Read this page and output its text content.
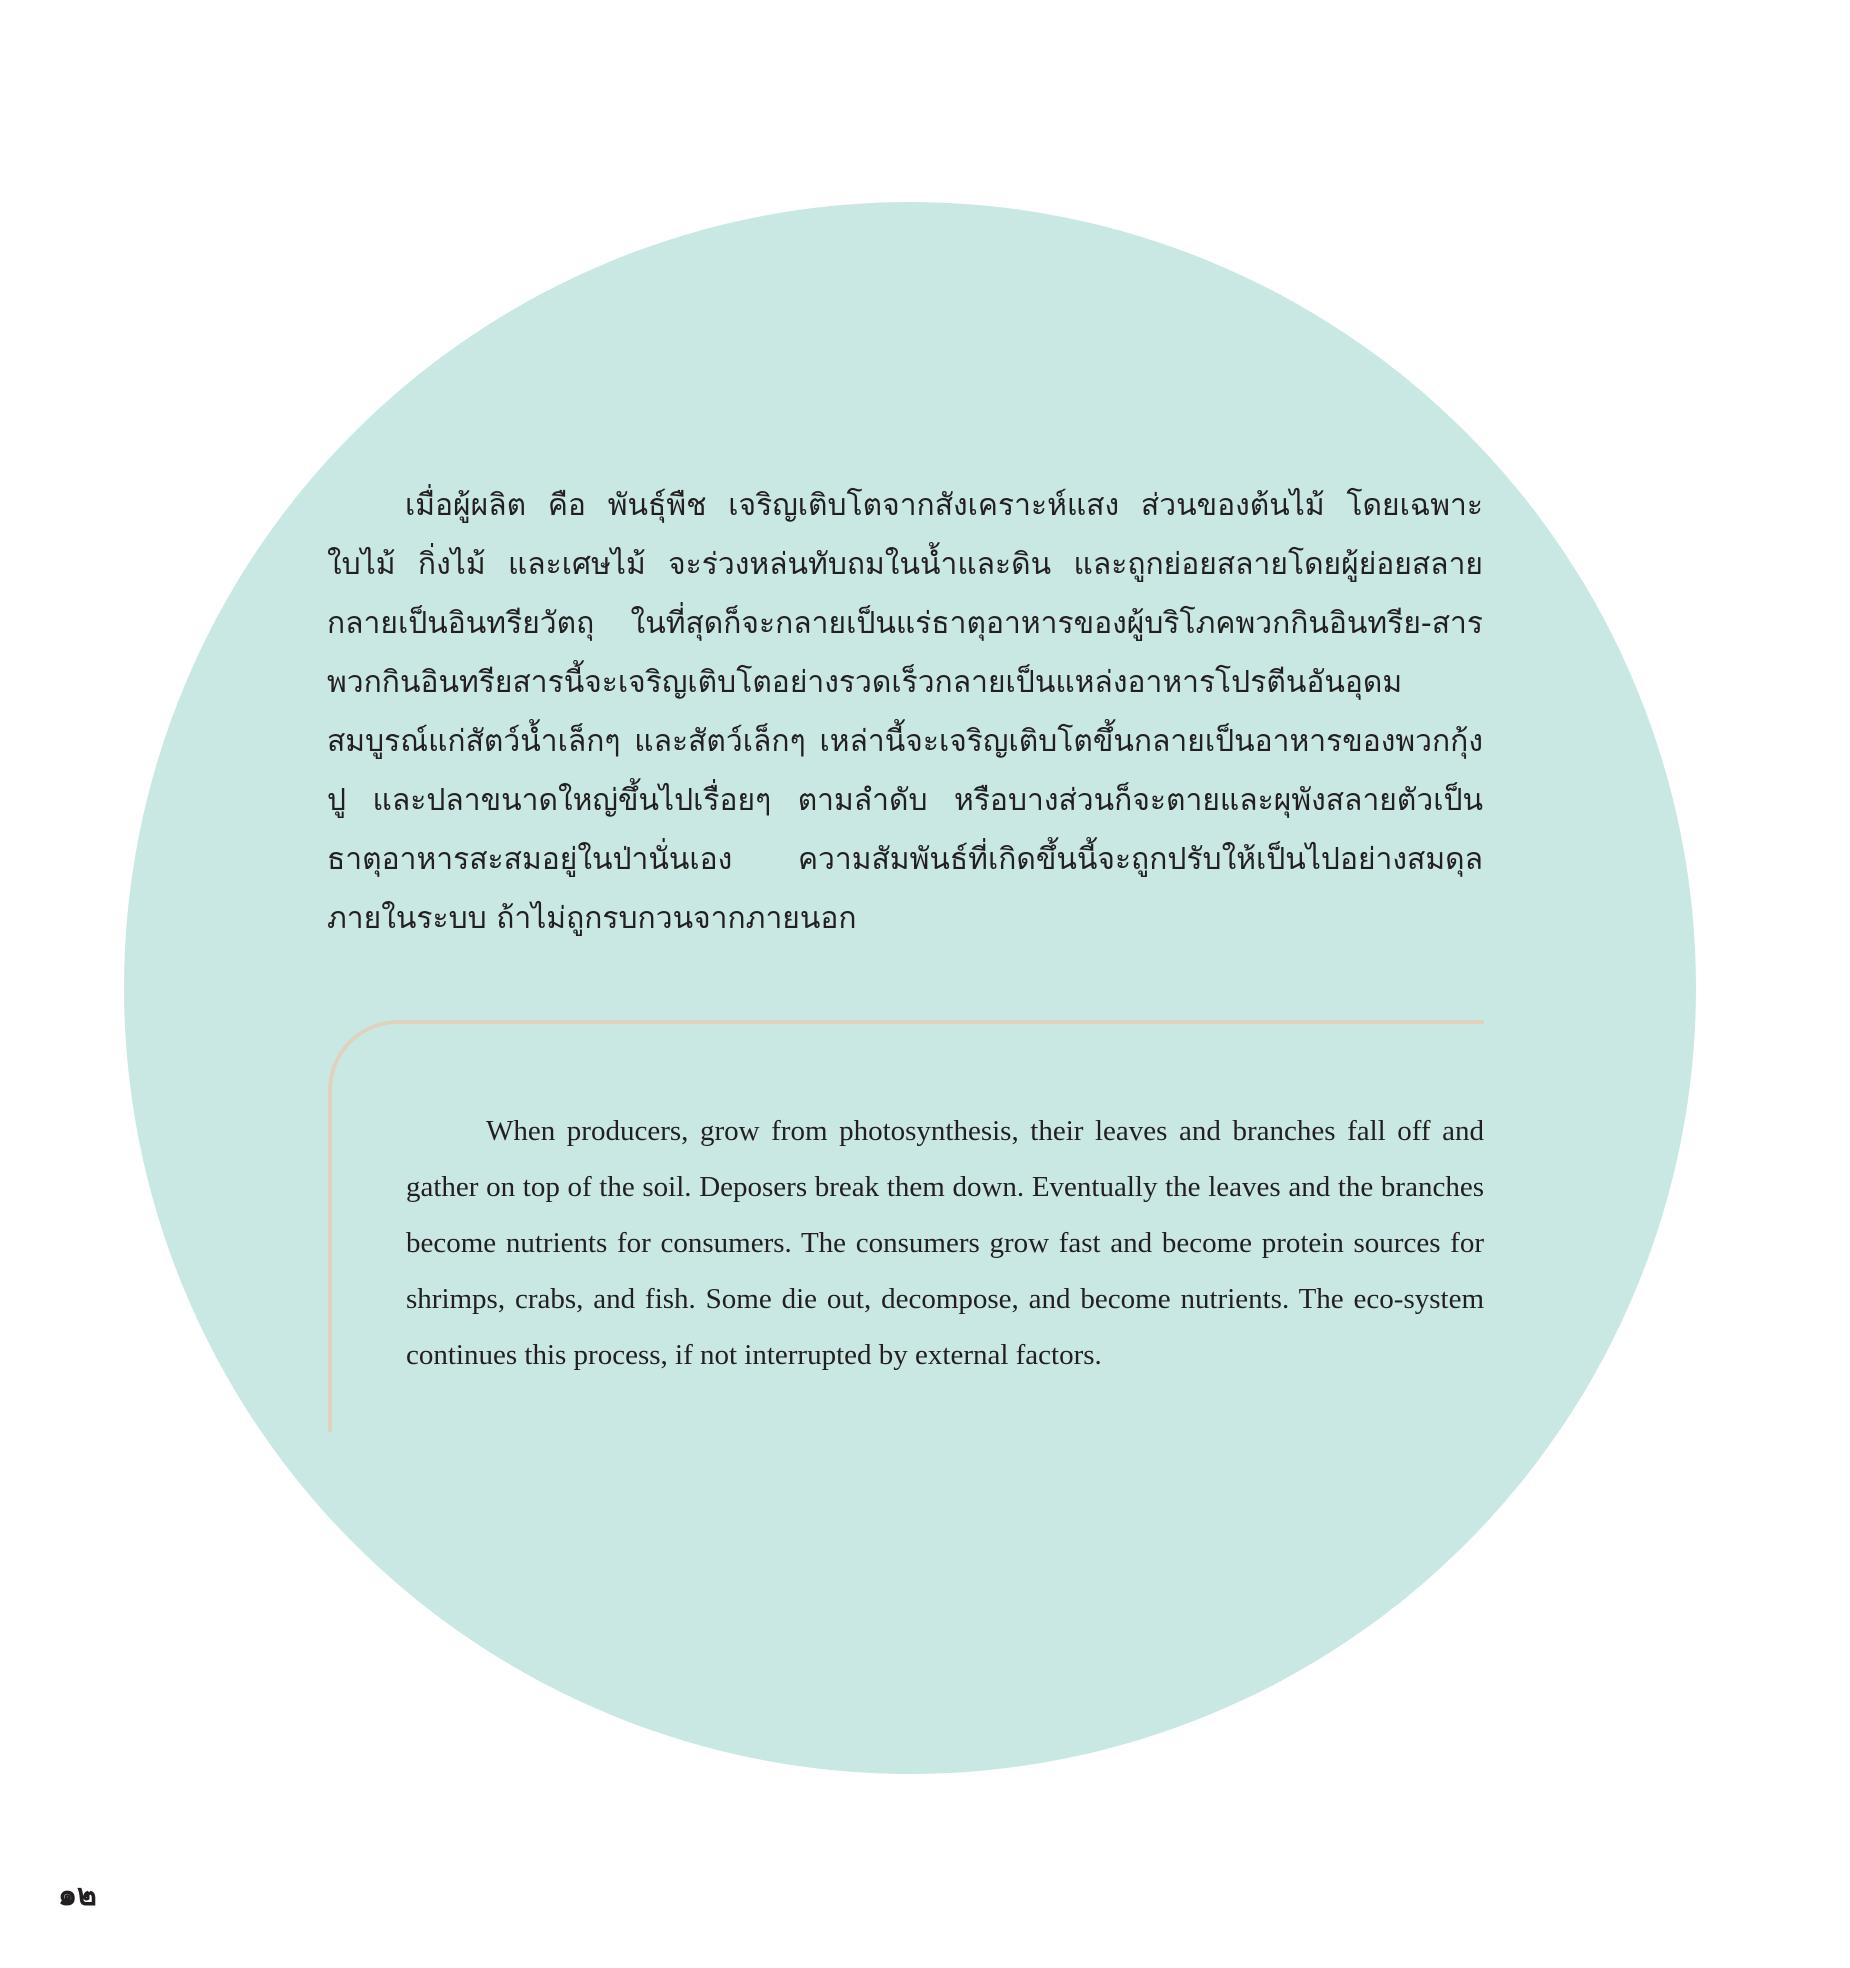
เมื่อผู้ผลิต คือ พันธุ์พืช เจริญเติบโตจากสังเคราะห์แสง ส่วนของต้นไม้ โดยเฉพาะใบไม้ กิ่งไม้ และเศษไม้ จะร่วงหล่นทับถมในน้ำและดิน และถูกย่อยสลายโดยผู้ย่อยสลาย กลายเป็นอินทรียวัตถุ ในที่สุดก็จะกลายเป็นแร่ธาตุอาหารของผู้บริโภคพวกกินอินทรีย-สาร พวกกินอินทรียสารนี้จะเจริญเติบโตอย่างรวดเร็วกลายเป็นแหล่งอาหารโปรตีนอันอุดมสมบูรณ์แก่สัตว์น้ำเล็กๆ และสัตว์เล็กๆ เหล่านี้จะเจริญเติบโตขึ้นกลายเป็นอาหารของพวกกุ้ง ปู และปลาขนาดใหญ่ขึ้นไปเรื่อยๆ ตามลำดับ หรือบางส่วนก็จะตายและผุพังสลายตัวเป็นธาตุอาหารสะสมอยู่ในป่านั่นเอง ความสัมพันธ์ที่เกิดขึ้นนี้จะถูกปรับให้เป็นไปอย่างสมดุลภายในระบบ ถ้าไม่ถูกรบกวนจากภายนอก

When producers, grow from photosynthesis, their leaves and branches fall off and gather on top of the soil. Deposers break them down. Eventually the leaves and the branches become nutrients for consumers. The consumers grow fast and become protein sources for shrimps, crabs, and fish. Some die out, decompose, and become nutrients. The eco-system continues this process, if not interrupted by external factors.

๑๒
